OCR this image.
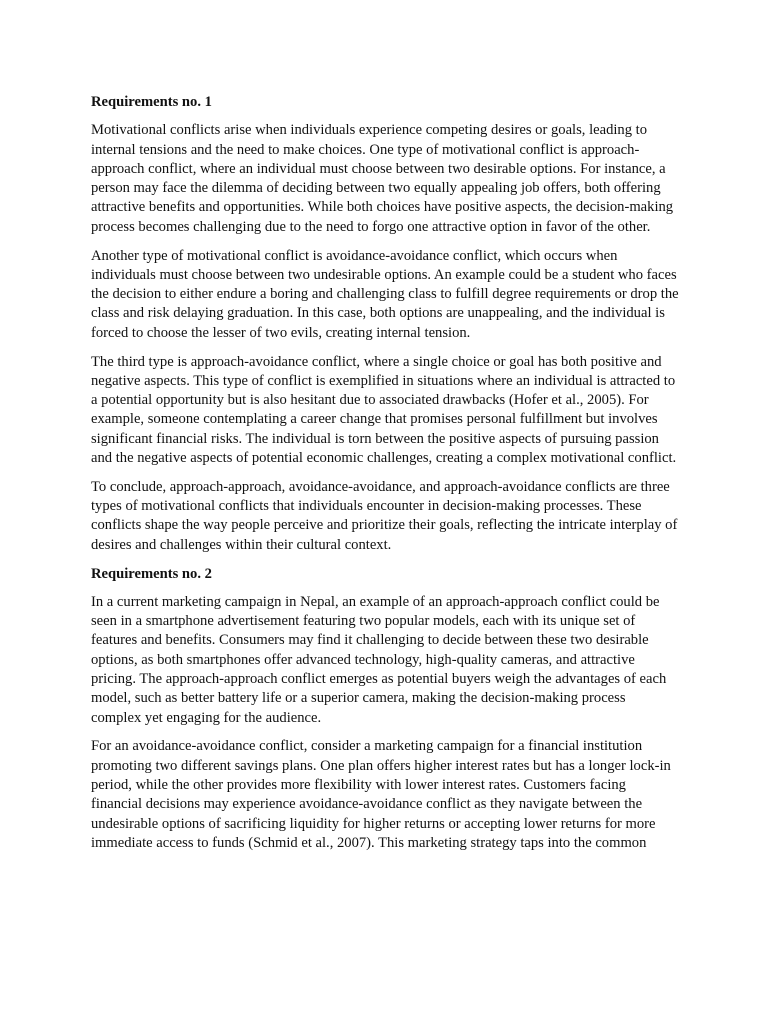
Requirements no. 1

Motivational conflicts arise when individuals experience competing desires or goals, leading to internal tensions and the need to make choices. One type of motivational conflict is approach-approach conflict, where an individual must choose between two desirable options. For instance, a person may face the dilemma of deciding between two equally appealing job offers, both offering attractive benefits and opportunities. While both choices have positive aspects, the decision-making process becomes challenging due to the need to forgo one attractive option in favor of the other.

Another type of motivational conflict is avoidance-avoidance conflict, which occurs when individuals must choose between two undesirable options. An example could be a student who faces the decision to either endure a boring and challenging class to fulfill degree requirements or drop the class and risk delaying graduation. In this case, both options are unappealing, and the individual is forced to choose the lesser of two evils, creating internal tension.

The third type is approach-avoidance conflict, where a single choice or goal has both positive and negative aspects. This type of conflict is exemplified in situations where an individual is attracted to a potential opportunity but is also hesitant due to associated drawbacks (Hofer et al., 2005). For example, someone contemplating a career change that promises personal fulfillment but involves significant financial risks. The individual is torn between the positive aspects of pursuing passion and the negative aspects of potential economic challenges, creating a complex motivational conflict.

To conclude, approach-approach, avoidance-avoidance, and approach-avoidance conflicts are three types of motivational conflicts that individuals encounter in decision-making processes. These conflicts shape the way people perceive and prioritize their goals, reflecting the intricate interplay of desires and challenges within their cultural context.

Requirements no. 2

In a current marketing campaign in Nepal, an example of an approach-approach conflict could be seen in a smartphone advertisement featuring two popular models, each with its unique set of features and benefits. Consumers may find it challenging to decide between these two desirable options, as both smartphones offer advanced technology, high-quality cameras, and attractive pricing. The approach-approach conflict emerges as potential buyers weigh the advantages of each model, such as better battery life or a superior camera, making the decision-making process complex yet engaging for the audience.

For an avoidance-avoidance conflict, consider a marketing campaign for a financial institution promoting two different savings plans. One plan offers higher interest rates but has a longer lock-in period, while the other provides more flexibility with lower interest rates. Customers facing financial decisions may experience avoidance-avoidance conflict as they navigate between the undesirable options of sacrificing liquidity for higher returns or accepting lower returns for more immediate access to funds (Schmid et al., 2007). This marketing strategy taps into the common
